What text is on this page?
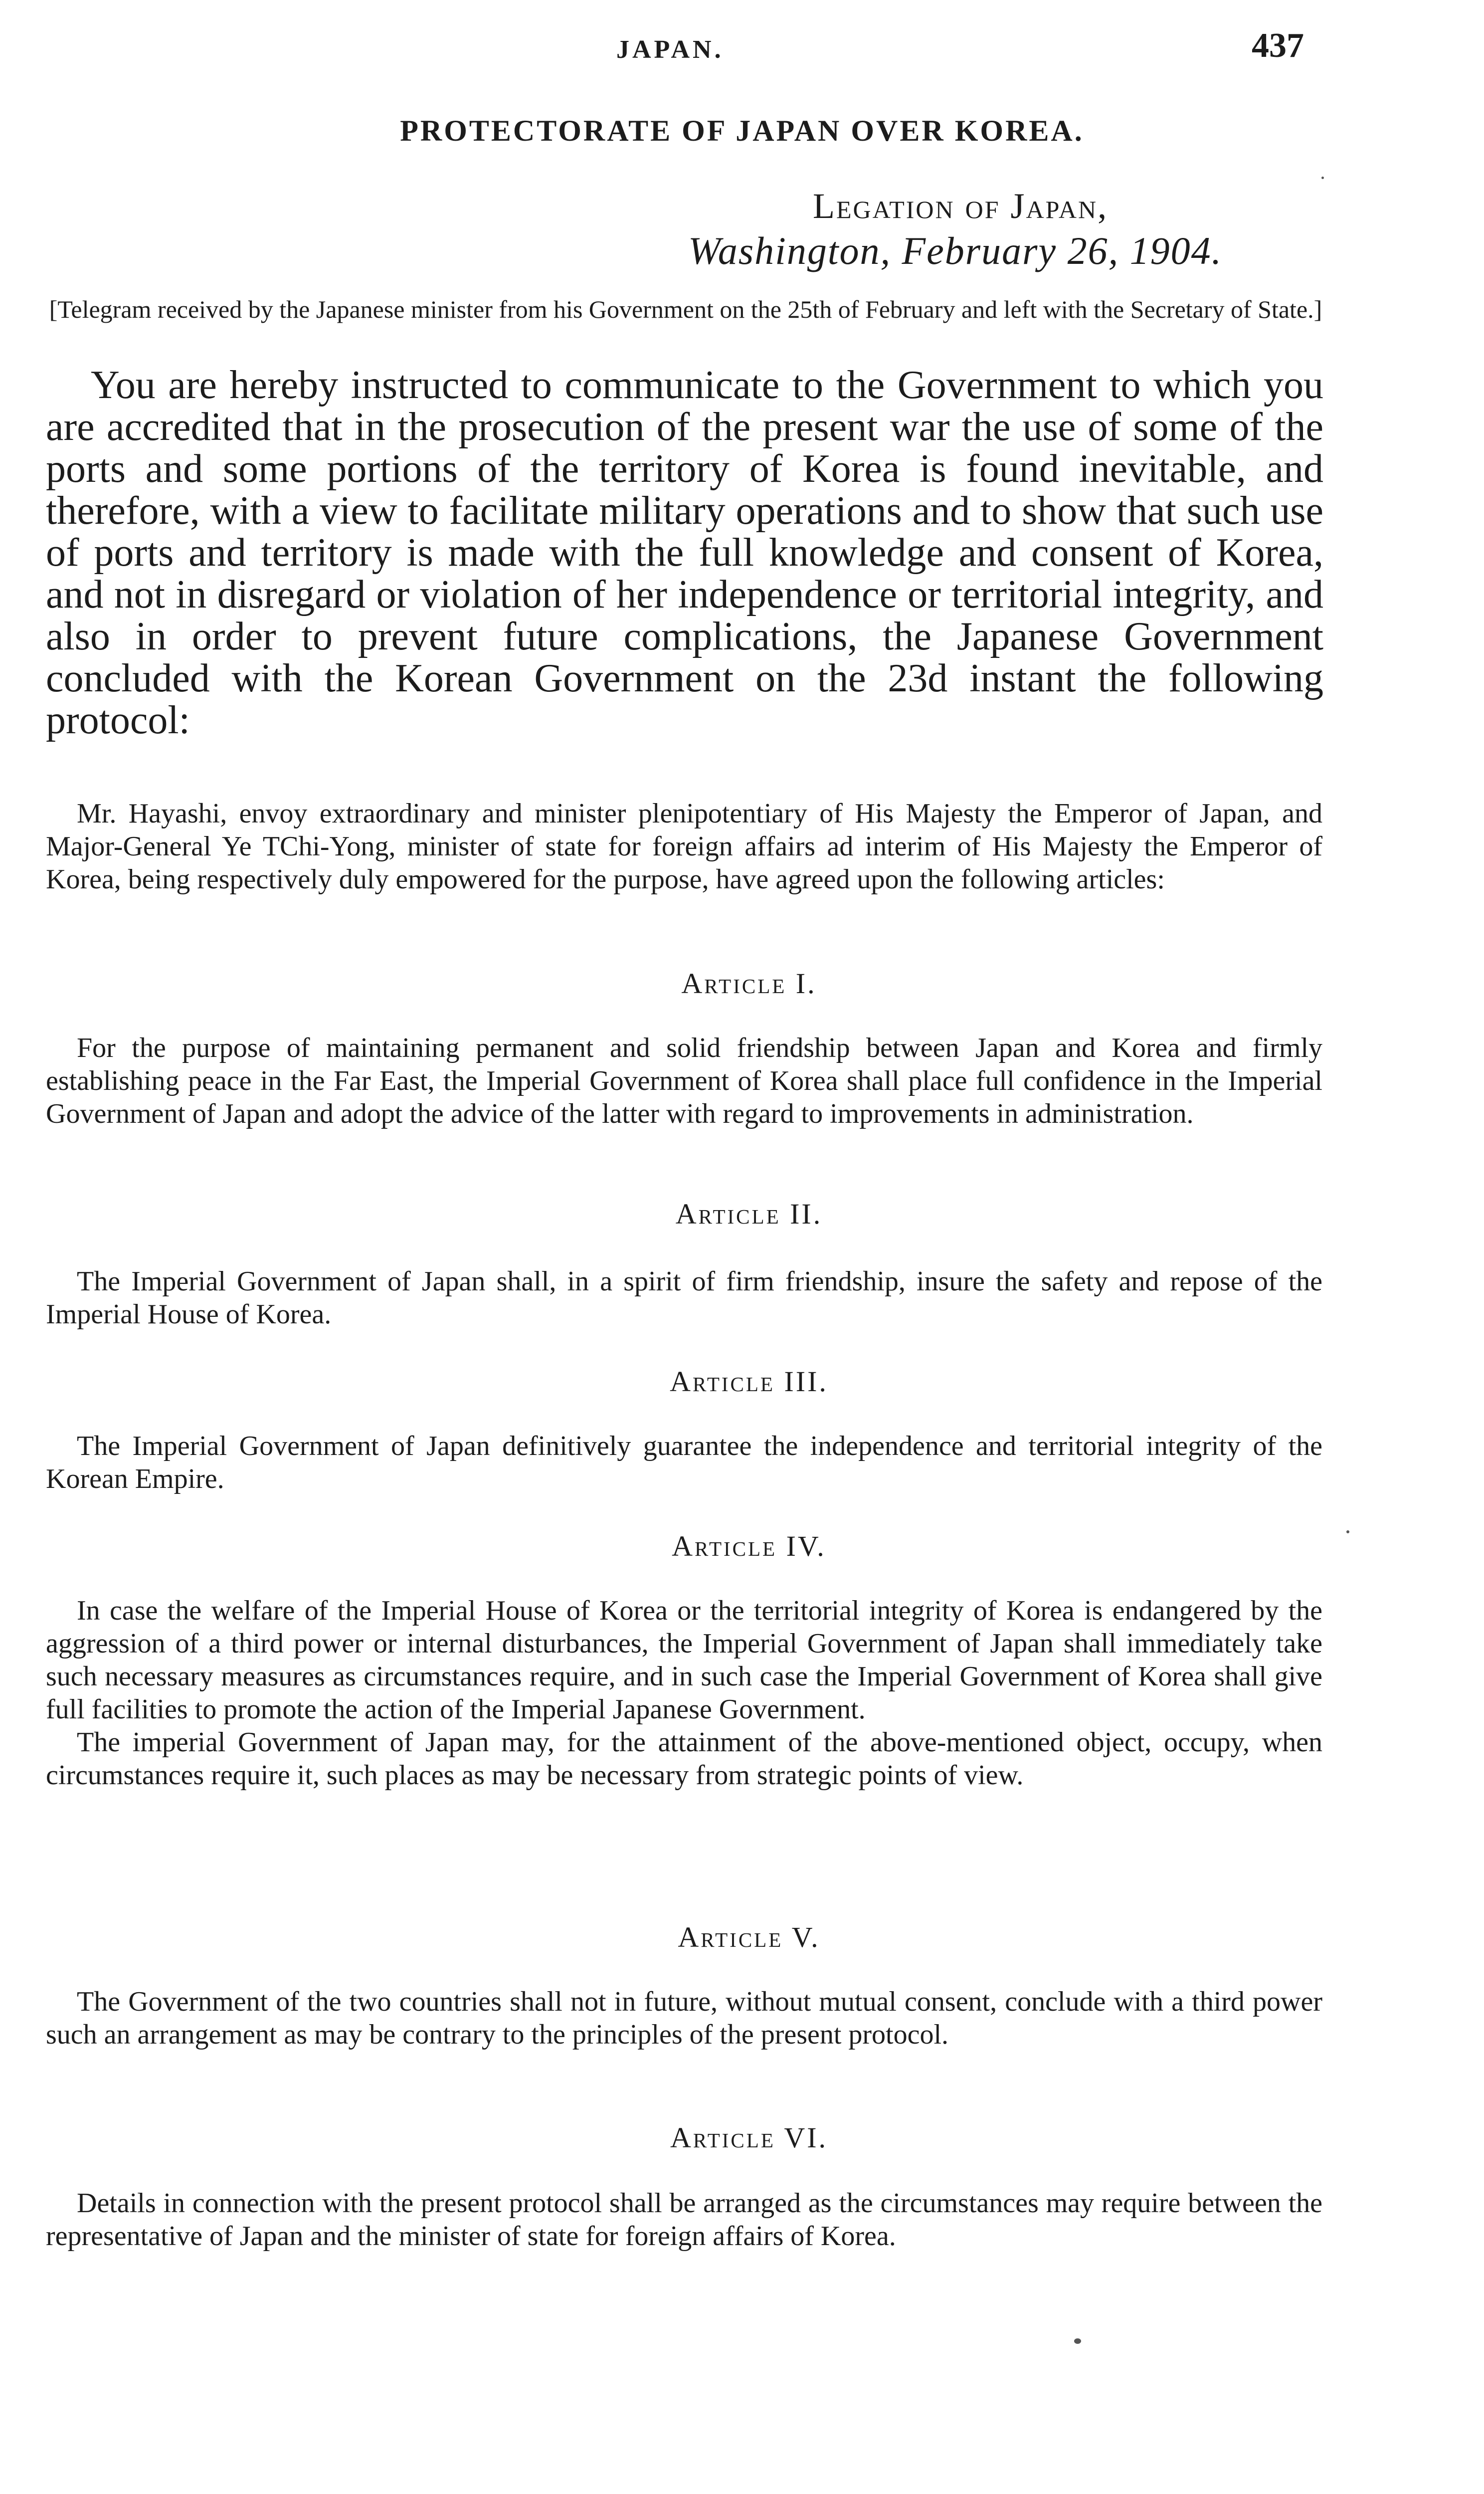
JAPAN.	437
PROTECTORATE OF JAPAN OVER KOREA.
Legation of Japan,
Washington, February 26, 1904.
[Telegram received by the Japanese minister from his Government on the 25th of February and left with the Secretary of State.]
You are hereby instructed to communicate to the Government to which you are accredited that in the prosecution of the present war the use of some of the ports and some portions of the territory of Korea is found inevitable, and therefore, with a view to facilitate military operations and to show that such use of ports and territory is made with the full knowledge and consent of Korea, and not in disregard or violation of her independence or territorial integrity, and also in order to prevent future complications, the Japanese Government concluded with the Korean Government on the 23d instant the following protocol:
Mr. Hayashi, envoy extraordinary and minister plenipotentiary of His Majesty the Emperor of Japan, and Major-General Ye TChi-Yong, minister of state for foreign affairs ad interim of His Majesty the Emperor of Korea, being respectively duly empowered for the purpose, have agreed upon the following articles:
Article I.

For the purpose of maintaining permanent and solid friendship between Japan and Korea and firmly establishing peace in the Far East, the Imperial Government of Korea shall place full confidence in the Imperial Government of Japan and adopt the advice of the latter with regard to improvements in administration.

Article II.

The Imperial Government of Japan shall, in a spirit of firm friendship, insure the safety and repose of the Imperial House of Korea.

Article III.

The Imperial Government of Japan definitively guarantee the independence and territorial integrity of the Korean Empire.

Article IV.

In case the welfare of the Imperial House of Korea or the territorial integrity of Korea is endangered by the aggression of a third power or internal disturbances, the Imperial Government of Japan shall immediately take such necessary measures as circumstances require, and in such case the Imperial Government of Korea shall give full facilities to promote the action of the Imperial Japanese Government.

The imperial Government of Japan may, for the attainment of the above-mentioned object, occupy, when circumstances require it, such places as may be necessary from strategic points of view.

Article V.

The Government of the two countries shall not in future, without mutual consent, conclude with a third power such an arrangement as may be contrary to the principles of the present protocol.

Article VI.

Details in connection with the present protocol shall be arranged as the circumstances may require between the representative of Japan and the minister of state for foreign affairs of Korea.
